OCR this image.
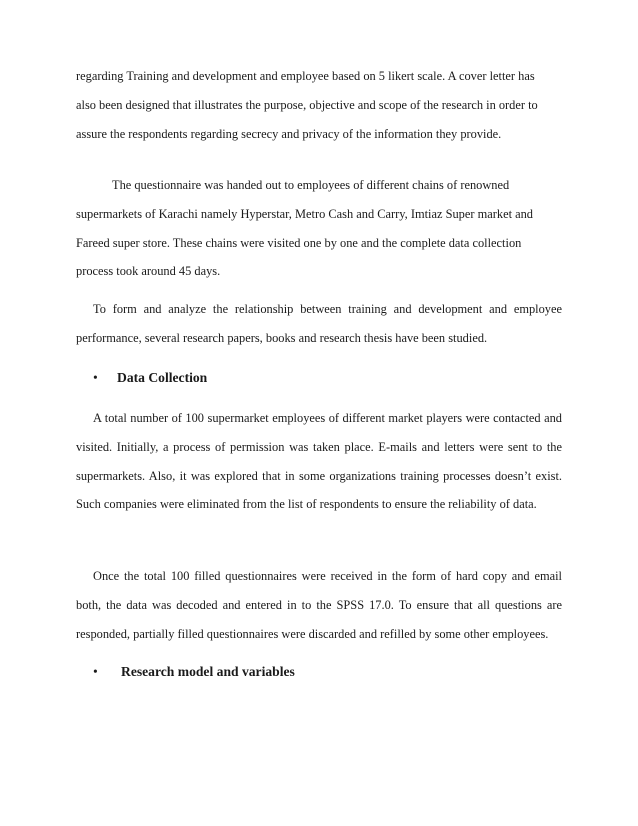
regarding Training and development and employee based on 5 likert scale. A cover letter has also been designed that illustrates the purpose, objective and scope of the research in order to assure the respondents regarding secrecy and privacy of the information they provide.

The questionnaire was handed out to employees of different chains of renowned supermarkets of Karachi namely Hyperstar, Metro Cash and Carry, Imtiaz Super market and Fareed super store. These chains were visited one by one and the complete data collection process took around 45 days.

To form and analyze the relationship between training and development and employee performance, several research papers, books and research thesis have been studied.

• Data Collection

A total number of 100 supermarket employees of different market players were contacted and visited. Initially, a process of permission was taken place. E-mails and letters were sent to the supermarkets. Also, it was explored that in some organizations training processes doesn’t exist. Such companies were eliminated from the list of respondents to ensure the reliability of data.

Once the total 100 filled questionnaires were received in the form of hard copy and email both, the data was decoded and entered in to the SPSS 17.0. To ensure that all questions are responded, partially filled questionnaires were discarded and refilled by some other employees.

• Research model and variables
